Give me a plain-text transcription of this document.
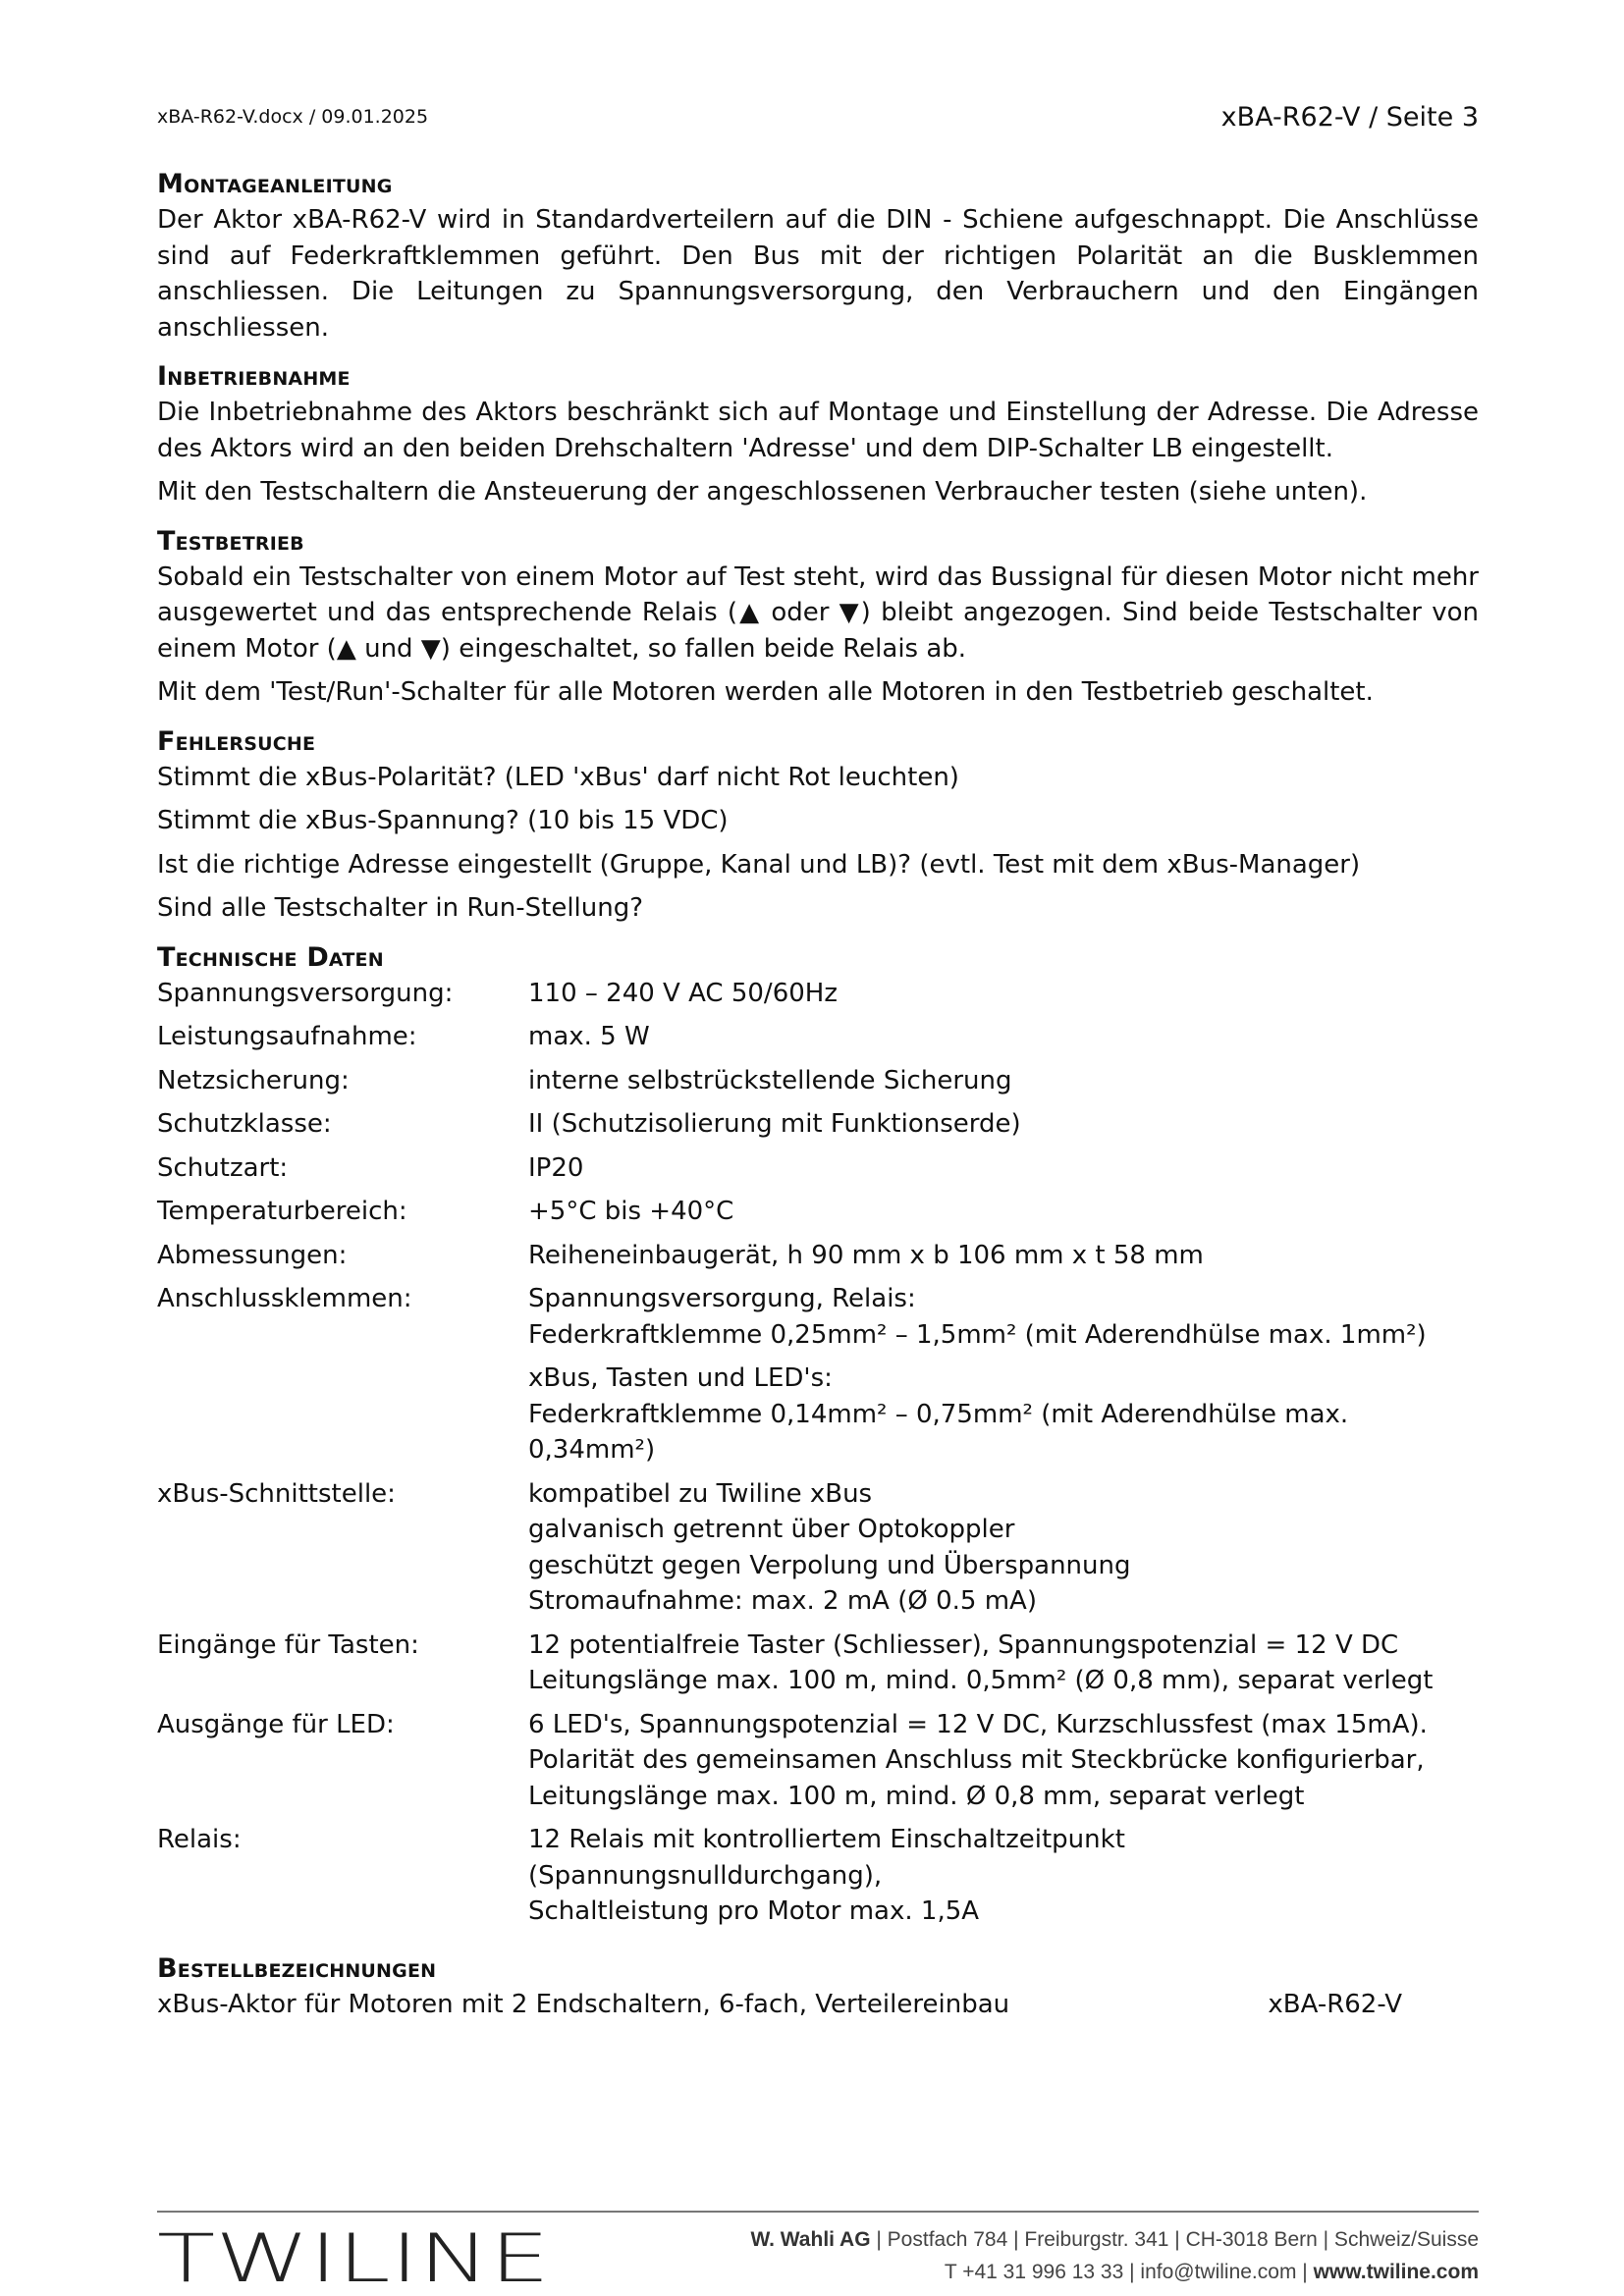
xBA-R62-V.docx / 09.01.2025	xBA-R62-V / Seite 3
Montageanleitung

Der Aktor xBA-R62-V wird in Standardverteilern auf die DIN - Schiene aufgeschnappt. Die Anschlüsse sind auf Federkraftklemmen geführt. Den Bus mit der richtigen Polarität an die Busklemmen anschliessen. Die Leitungen zu Spannungsversorgung, den Verbrauchern und den Eingängen anschliessen.

Inbetriebnahme

Die Inbetriebnahme des Aktors beschränkt sich auf Montage und Einstellung der Adresse. Die Adresse des Aktors wird an den beiden Drehschaltern 'Adresse' und dem DIP-Schalter LB eingestellt.

Mit den Testschaltern die Ansteuerung der angeschlossenen Verbraucher testen (siehe unten).

Testbetrieb

Sobald ein Testschalter von einem Motor auf Test steht, wird das Bussignal für diesen Motor nicht mehr ausgewertet und das entsprechende Relais (▲ oder ▼) bleibt angezogen. Sind beide Testschalter von einem Motor (▲ und ▼) eingeschaltet, so fallen beide Relais ab.

Mit dem 'Test/Run'-Schalter für alle Motoren werden alle Motoren in den Testbetrieb geschaltet.

Fehlersuche
Stimmt die xBus-Polarität? (LED 'xBus' darf nicht Rot leuchten)
Stimmt die xBus-Spannung? (10 bis 15 VDC)
Ist die richtige Adresse eingestellt (Gruppe, Kanal und LB)? (evtl. Test mit dem xBus-Manager)
Sind alle Testschalter in Run-Stellung?
Technische Daten
Spannungsversorgung:	110 – 240 V AC 50/60Hz
Leistungsaufnahme:	max. 5 W
Netzsicherung:	interne selbstrückstellende Sicherung
Schutzklasse:	II (Schutzisolierung mit Funktionserde)
Schutzart:	IP20
Temperaturbereich:	+5°C bis +40°C
Abmessungen:	Reiheneinbaugerät, h 90 mm x b 106 mm x t 58 mm
Anschlussklemmen:	Spannungsversorgung, Relais:
Federkraftklemme 0,25mm² – 1,5mm² (mit Aderendhülse max. 1mm²)

	xBus, Tasten und LED's:
Federkraftklemme 0,14mm² – 0,75mm² (mit Aderendhülse max. 0,34mm²)

xBus-Schnittstelle:	kompatibel zu Twiline xBus
galvanisch getrennt über Optokoppler
geschützt gegen Verpolung und Überspannung
Stromaufnahme: max. 2 mA (Ø 0.5 mA)

Eingänge für Tasten:	12 potentialfreie Taster (Schliesser), Spannungspotenzial = 12 V DC
Leitungslänge max. 100 m, mind. 0,5mm² (Ø 0,8 mm), separat verlegt

Ausgänge für LED:	6 LED's, Spannungspotenzial = 12 V DC, Kurzschlussfest (max 15mA).
Polarität des gemeinsamen Anschluss mit Steckbrücke konfigurierbar,
Leitungslänge max. 100 m, mind. Ø 0,8 mm, separat verlegt

Relais:	12 Relais mit kontrolliertem Einschaltzeitpunkt (Spannungsnulldurchgang),
Schaltleistung pro Motor max. 1,5A
Bestellbezeichnungen
xBus-Aktor für Motoren mit 2 Endschaltern, 6-fach, Verteilereinbau	xBA-R62-V
TWILINE	W. Wahli AG | Postfach 784 | Freiburgstr. 341 | CH-3018 Bern | Schweiz/Suisse
T +41 31 996 13 33 | info@twiline.com | www.twiline.com
